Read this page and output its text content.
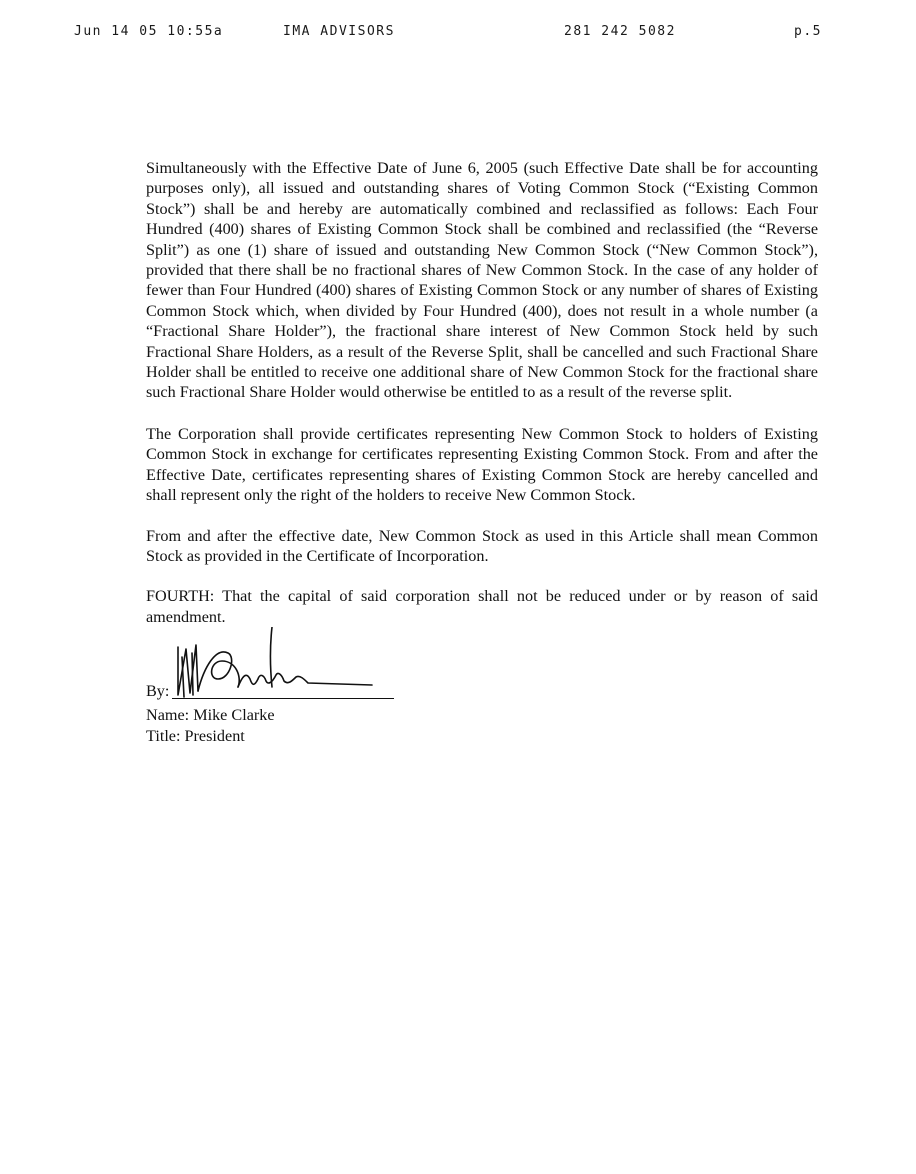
Jun 14 05 10:55a	IMA ADVISORS	281 242 5082	p.5

Simultaneously with the Effective Date of June 6, 2005 (such Effective Date shall be for accounting purposes only), all issued and outstanding shares of Voting Common Stock (“Existing Common Stock”) shall be and hereby are automatically combined and reclassified as follows: Each Four Hundred (400) shares of Existing Common Stock shall be combined and reclassified (the “Reverse Split”) as one (1) share of issued and outstanding New Common Stock (“New Common Stock”), provided that there shall be no fractional shares of New Common Stock. In the case of any holder of fewer than Four Hundred (400) shares of Existing Common Stock or any number of shares of Existing Common Stock which, when divided by Four Hundred (400), does not result in a whole number (a “Fractional Share Holder”), the fractional share interest of New Common Stock held by such Fractional Share Holders, as a result of the Reverse Split, shall be cancelled and such Fractional Share Holder shall be entitled to receive one additional share of New Common Stock for the fractional share such Fractional Share Holder would otherwise be entitled to as a result of the reverse split.

The Corporation shall provide certificates representing New Common Stock to holders of Existing Common Stock in exchange for certificates representing Existing Common Stock. From and after the Effective Date, certificates representing shares of Existing Common Stock are hereby cancelled and shall represent only the right of the holders to receive New Common Stock.

From and after the effective date, New Common Stock as used in this Article shall mean Common Stock as provided in the Certificate of Incorporation.

FOURTH: That the capital of said corporation shall not be reduced under or by reason of said amendment.

By:
Name: Mike Clarke
Title: President
